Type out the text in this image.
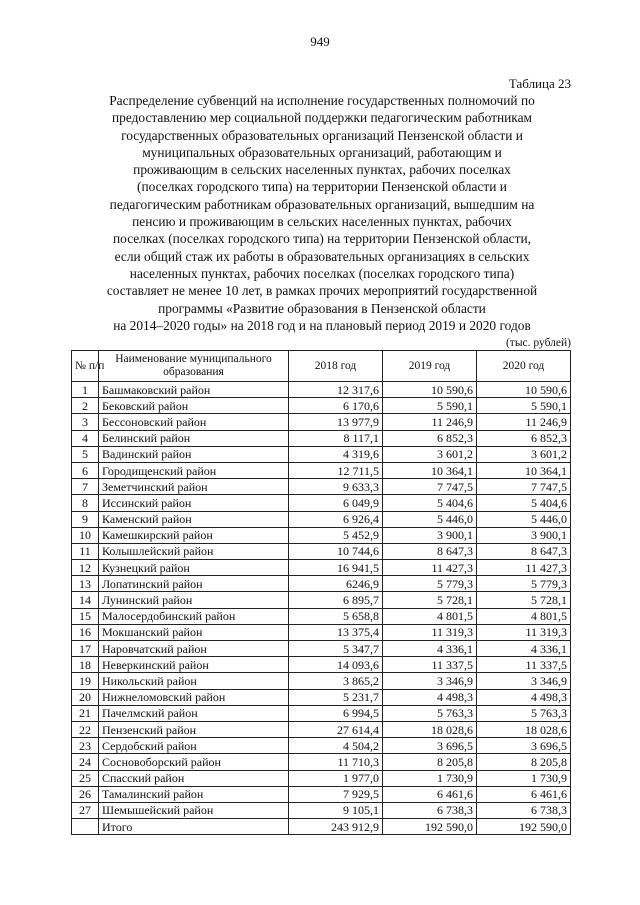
949
Таблица 23
Распределение субвенций на исполнение государственных полномочий по
предоставлению мер социальной поддержки педагогическим работникам
государственных образовательных организаций Пензенской области и
муниципальных образовательных организаций, работающим и
проживающим в сельских населенных пунктах, рабочих поселках
(поселках городского типа) на территории Пензенской области и
педагогическим работникам образовательных организаций, вышедшим на
пенсию и проживающим в сельских населенных пунктах, рабочих
поселках (поселках городского типа) на территории Пензенской области,
если общий стаж их работы в образовательных организациях в сельских
населенных пунктах, рабочих поселках (поселках городского типа)
составляет не менее 10 лет, в рамках прочих мероприятий государственной
программы «Развитие образования в Пензенской области
на 2014–2020 годы» на 2018 год и на плановый период 2019 и 2020 годов
(тыс. рублей)
№ п/п	Наименование муниципального образования	2018 год	2019 год	2020 год
1	Башмаковский район	12 317,6	10 590,6	10 590,6
2	Бековский район	6 170,6	5 590,1	5 590,1
3	Бессоновский район	13 977,9	11 246,9	11 246,9
4	Белинский район	8 117,1	6 852,3	6 852,3
5	Вадинский район	4 319,6	3 601,2	3 601,2
6	Городищенский район	12 711,5	10 364,1	10 364,1
7	Земетчинский район	9 633,3	7 747,5	7 747,5
8	Иссинский район	6 049,9	5 404,6	5 404,6
9	Каменский район	6 926,4	5 446,0	5 446,0
10	Камешкирский район	5 452,9	3 900,1	3 900,1
11	Колышлейский район	10 744,6	8 647,3	8 647,3
12	Кузнецкий район	16 941,5	11 427,3	11 427,3
13	Лопатинский район	6246,9	5 779,3	5 779,3
14	Лунинский район	6 895,7	5 728,1	5 728,1
15	Малосердобинский район	5 658,8	4 801,5	4 801,5
16	Мокшанский район	13 375,4	11 319,3	11 319,3
17	Наровчатский район	5 347,7	4 336,1	4 336,1
18	Неверкинский район	14 093,6	11 337,5	11 337,5
19	Никольский район	3 865,2	3 346,9	3 346,9
20	Нижнеломовский район	5 231,7	4 498,3	4 498,3
21	Пачелмский район	6 994,5	5 763,3	5 763,3
22	Пензенский район	27 614,4	18 028,6	18 028,6
23	Сердобский район	4 504,2	3 696,5	3 696,5
24	Сосновоборский район	11 710,3	8 205,8	8 205,8
25	Спасский район	1 977,0	1 730,9	1 730,9
26	Тамалинский район	7 929,5	6 461,6	6 461,6
27	Шемышейский район	9 105,1	6 738,3	6 738,3
	Итого	243 912,9	192 590,0	192 590,0
